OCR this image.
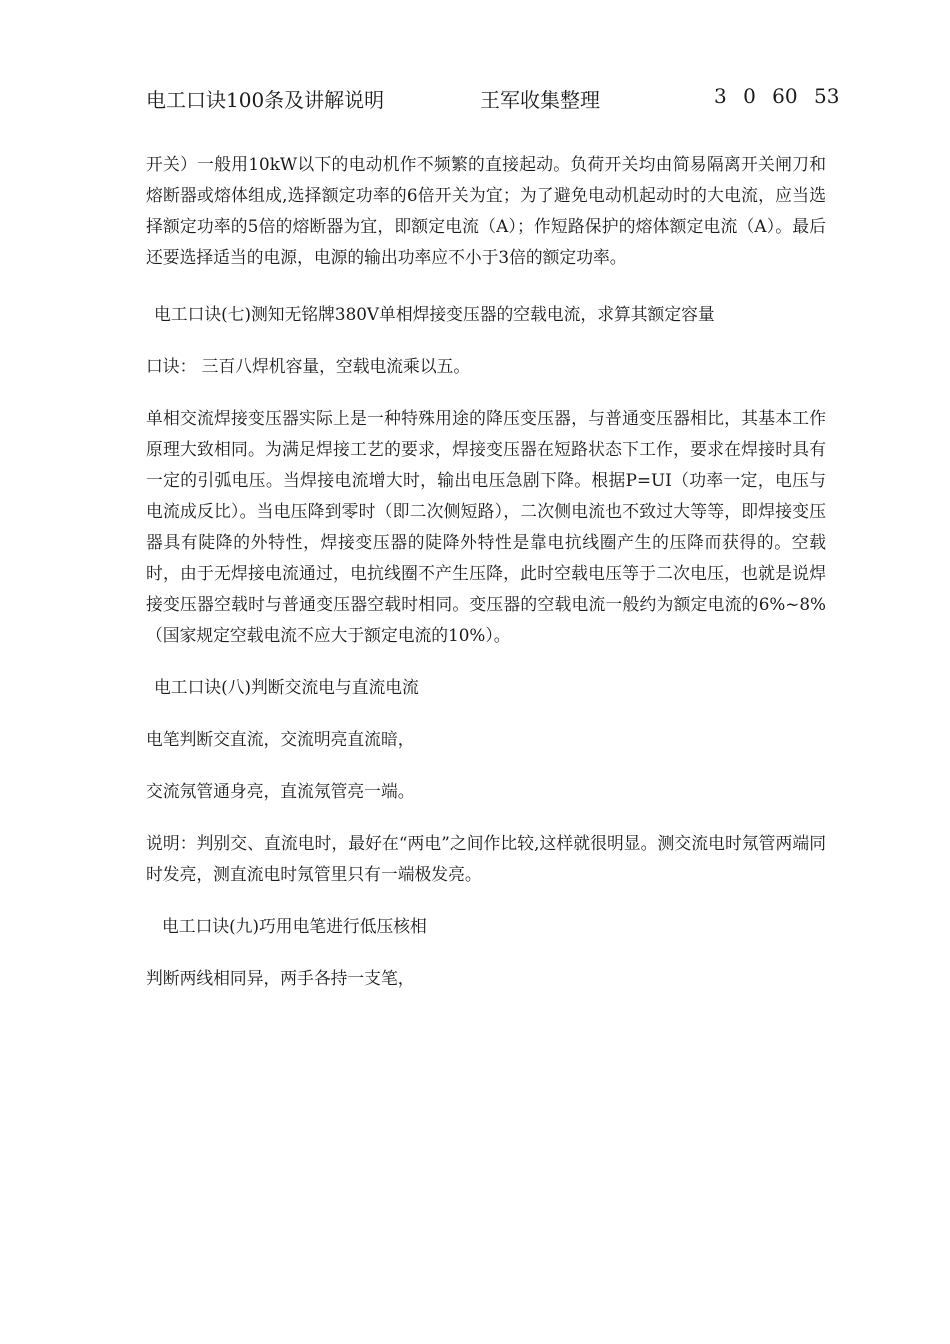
电工口诀100条及讲解说明	王军收集整理	3 0 60 53

开关）一般用10kW以下的电动机作不频繁的直接起动。负荷开关均由简易隔离开关闸刀和熔断器或熔体组成,选择额定功率的6倍开关为宜；为了避免电动机起动时的大电流，应当选择额定功率的5倍的熔断器为宜，即额定电流（A）；作短路保护的熔体额定电流（A）。最后还要选择适当的电源，电源的输出功率应不小于3倍的额定功率。

电工口诀(七)测知无铭牌380V单相焊接变压器的空载电流，求算其额定容量

口诀： 三百八焊机容量，空载电流乘以五。

单相交流焊接变压器实际上是一种特殊用途的降压变压器，与普通变压器相比，其基本工作原理大致相同。为满足焊接工艺的要求，焊接变压器在短路状态下工作，要求在焊接时具有一定的引弧电压。当焊接电流增大时，输出电压急剧下降。根据P=UI（功率一定，电压与电流成反比）。当电压降到零时（即二次侧短路），二次侧电流也不致过大等等，即焊接变压器具有陡降的外特性，焊接变压器的陡降外特性是靠电抗线圈产生的压降而获得的。空载时，由于无焊接电流通过，电抗线圈不产生压降，此时空载电压等于二次电压，也就是说焊接变压器空载时与普通变压器空载时相同。变压器的空载电流一般约为额定电流的6%~8%（国家规定空载电流不应大于额定电流的10%）。

电工口诀(八)判断交流电与直流电流

电笔判断交直流，交流明亮直流暗，

交流氖管通身亮，直流氖管亮一端。

说明：判别交、直流电时，最好在“两电”之间作比较,这样就很明显。测交流电时氖管两端同时发亮，测直流电时氖管里只有一端极发亮。

电工口诀(九)巧用电笔进行低压核相

判断两线相同异，两手各持一支笔，
